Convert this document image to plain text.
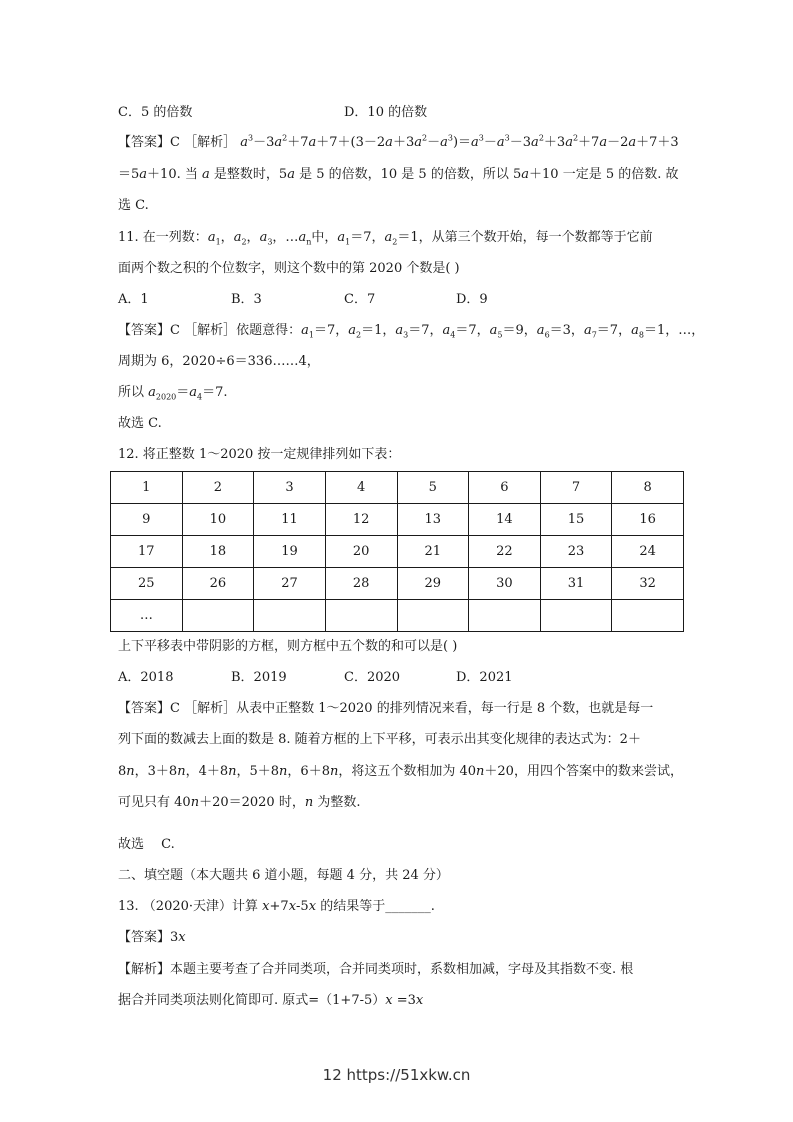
C．5 的倍数	D．10 的倍数
【答案】C ［解析］ $a^3-3a^2+7a+7+(3-2a+3a^2-a^3)=a^3-a^3-3a^2+3a^2+7a-2a+7+3$
＝5a＋10. 当 a 是整数时，5a 是 5 的倍数，10 是 5 的倍数，所以 5a＋10 一定是 5 的倍数. 故
选 C.
11. 在一列数：$a_1$，$a_2$，$a_3$，$\dots a_n$中，$a_1=7$，$a_2=1$，从第三个数开始，每一个数都等于它前
面两个数之积的个位数字，则这个数中的第 2020 个数是( )
A．1	B．3	C．7	D．9
【答案】C ［解析］依题意得：$a_1=7$，$a_2=1$，$a_3=7$，$a_4=7$，$a_5=9$，$a_6=3$，$a_7=7$，$a_8=1$，…，
周期为 6，2020÷6＝336……4，
所以 $a_{2020}=a_4=7$.
故选 C.
12. 将正整数 1～2020 按一定规律排列如下表：
1	2	3	4	5	6	7	8
9	10	11	12	13	14	15	16
17	18	19	20	21	22	23	24
25	26	27	28	29	30	31	32
…							
上下平移表中带阴影的方框，则方框中五个数的和可以是( )
A．2018	B．2019	C．2020	D．2021
【答案】C ［解析］从表中正整数 1～2020 的排列情况来看，每一行是 8 个数，也就是每一
列下面的数减去上面的数是 8. 随着方框的上下平移，可表示出其变化规律的表达式为：2＋
8n，3＋8n，4＋8n，5＋8n，6＋8n，将这五个数相加为 40n＋20，用四个答案中的数来尝试，
可见只有 40n＋20＝2020 时，n 为整数.
故选　 C.
二、填空题（本大题共 6 道小题，每题 4 分，共 24 分）
13. （2020·天津）计算 x+7x-5x 的结果等于_______.
【答案】3x
【解析】本题主要考查了合并同类项，合并同类项时，系数相加减，字母及其指数不变. 根
据合并同类项法则化简即可. 原式=（1+7-5）x =3x
12 https://51xkw.cn
